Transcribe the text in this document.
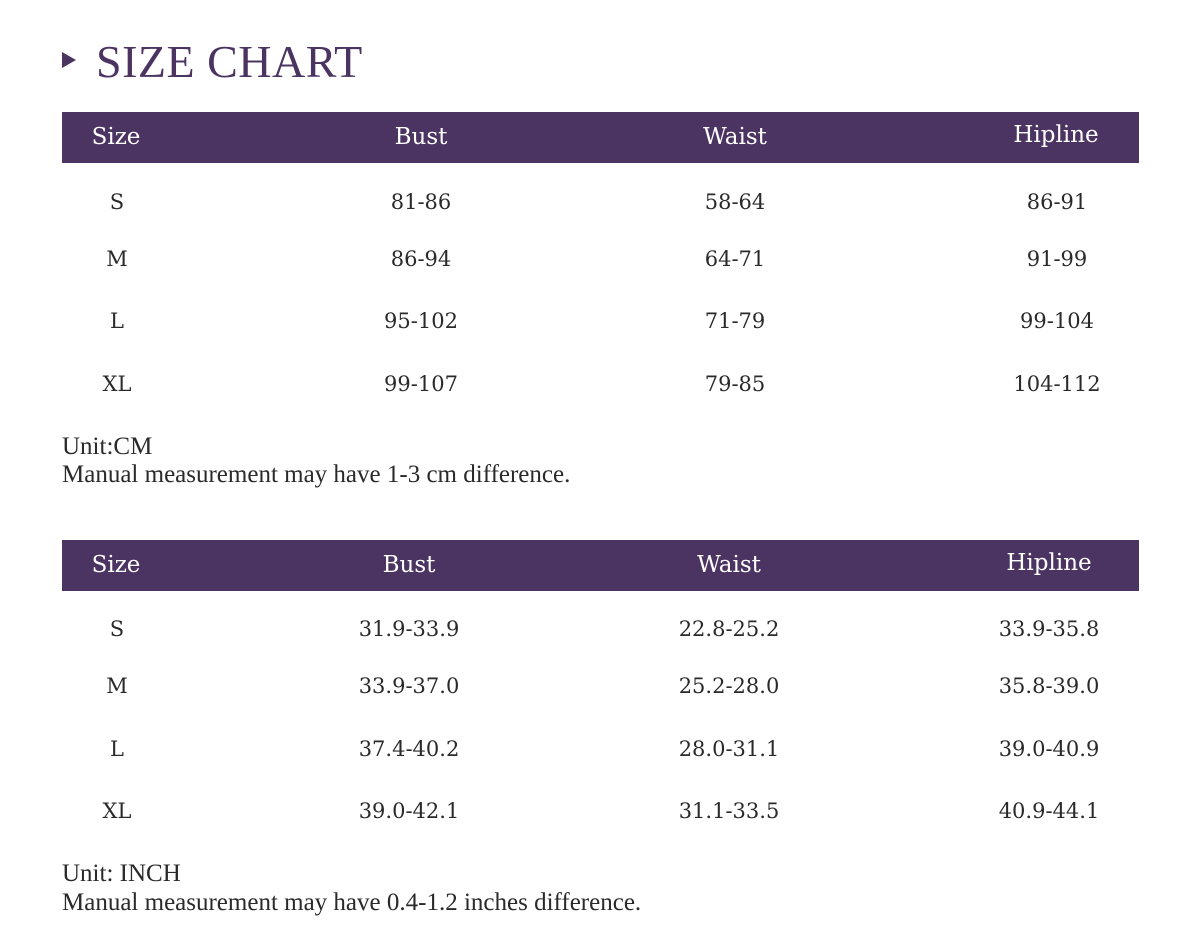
SIZE CHART
Size	Bust	Waist	Hipline
S	81-86	58-64	86-91
M	86-94	64-71	91-99
L	95-102	71-79	99-104
XL	99-107	79-85	104-112
Unit:CM
Manual measurement may have 1-3 cm difference.
Size	Bust	Waist	Hipline
S	31.9-33.9	22.8-25.2	33.9-35.8
M	33.9-37.0	25.2-28.0	35.8-39.0
L	37.4-40.2	28.0-31.1	39.0-40.9
XL	39.0-42.1	31.1-33.5	40.9-44.1
Unit: INCH
Manual measurement may have 0.4-1.2 inches difference.
